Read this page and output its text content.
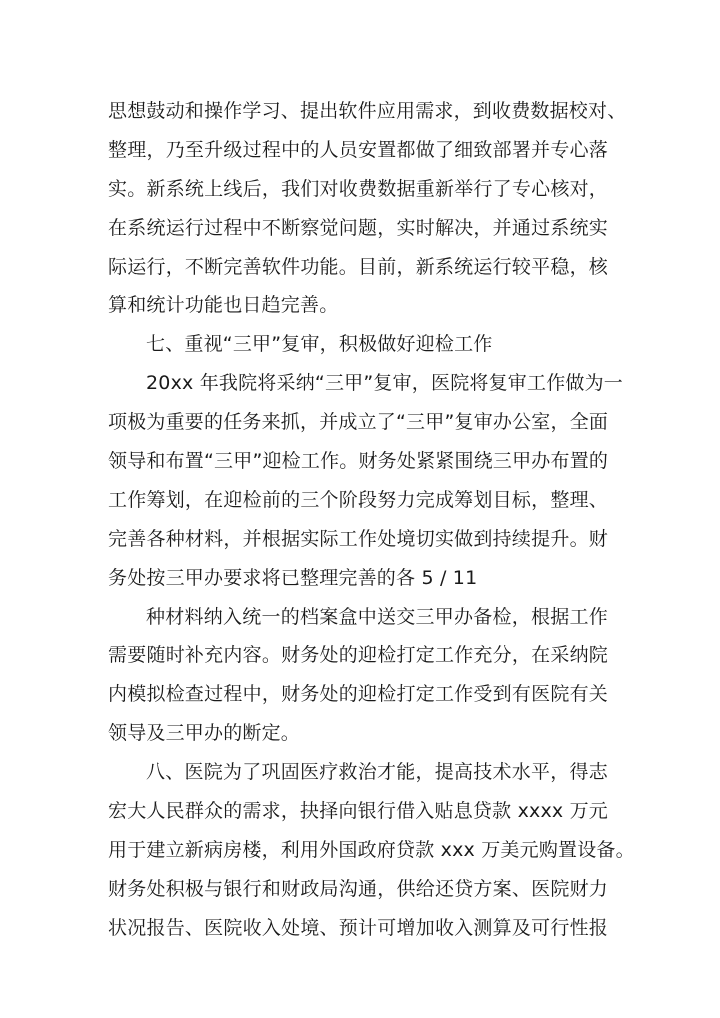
思想鼓动和操作学习、提出软件应用需求，到收费数据校对、
整理，乃至升级过程中的人员安置都做了细致部署并专心落
实。新系统上线后，我们对收费数据重新举行了专心核对，
在系统运行过程中不断察觉问题，实时解决，并通过系统实
际运行，不断完善软件功能。目前，新系统运行较平稳，核
算和统计功能也日趋完善。
七、重视“三甲”复审，积极做好迎检工作
20xx 年我院将采纳“三甲”复审，医院将复审工作做为一
项极为重要的任务来抓，并成立了“三甲”复审办公室，全面
领导和布置“三甲”迎检工作。财务处紧紧围绕三甲办布置的
工作筹划，在迎检前的三个阶段努力完成筹划目标，整理、
完善各种材料，并根据实际工作处境切实做到持续提升。财
务处按三甲办要求将已整理完善的各 5 / 11
种材料纳入统一的档案盒中送交三甲办备检，根据工作
需要随时补充内容。财务处的迎检打定工作充分，在采纳院
内模拟检查过程中，财务处的迎检打定工作受到有医院有关
领导及三甲办的断定。
八、医院为了巩固医疗救治才能，提高技术水平，得志
宏大人民群众的需求，抉择向银行借入贴息贷款 xxxx 万元
用于建立新病房楼，利用外国政府贷款 xxx 万美元购置设备。
财务处积极与银行和财政局沟通，供给还贷方案、医院财力
状况报告、医院收入处境、预计可增加收入测算及可行性报
